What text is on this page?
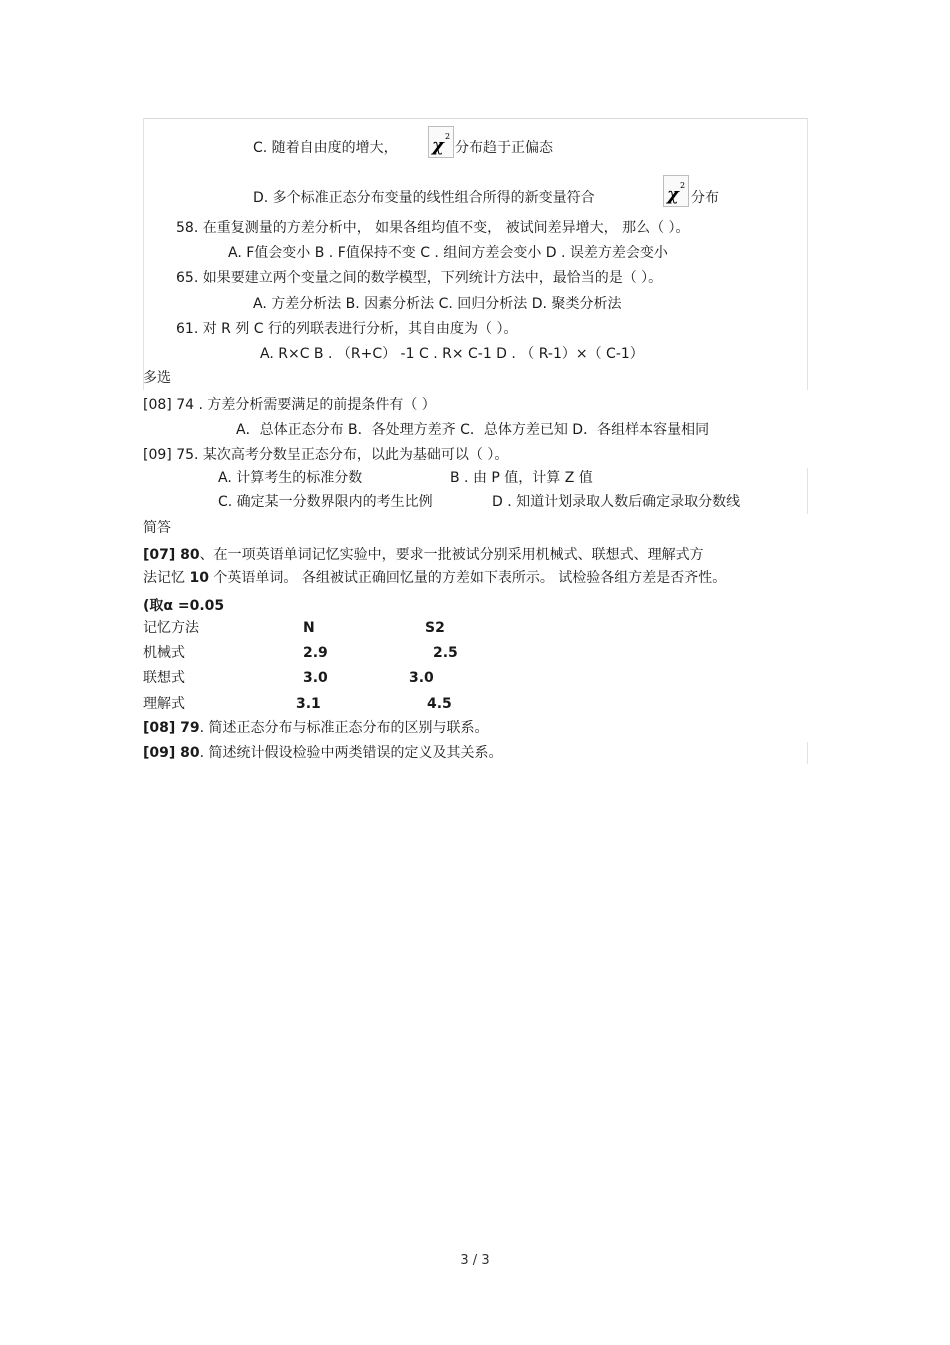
C. 随着自由度的增大， χ 2
分布趋于正偏态
D. 多个标准正态分布变量的线性组合所得的新变量符合	χ 2
分布
58. 在重复测量的方差分析中， 如果各组均值不变， 被试间差异增大， 那么（ ）。
A. F值会变小 B . F值保持不变 C . 组间方差会变小 D . 误差方差会变小
65. 如果要建立两个变量之间的数学模型，下列统计方法中，最恰当的是（ ）。
A. 方差分析法 B. 因素分析法 C. 回归分析法 D. 聚类分析法
61. 对 R 列 C 行的列联表进行分析，其自由度为（ ）。
A. R×C B . （R+C） -1 C . R× C-1 D . （ R-1）×（ C-1）
多选
[08] 74 . 方差分析需要满足的前提条件有（ ）
A．总体正态分布 B．各处理方差齐 C．总体方差已知 D．各组样本容量相同
[09] 75. 某次高考分数呈正态分布，以此为基础可以（ ）。
A. 计算考生的标准分数	B . 由 P 值，计算 Z 值
C. 确定某一分数界限内的考生比例	D . 知道计划录取人数后确定录取分数线
简答
[07] 80、在一项英语单词记忆实验中，要求一批被试分别采用机械式、联想式、理解式方
法记忆 10 个英语单词。 各组被试正确回忆量的方差如下表所示。 试检验各组方差是否齐性。
(取α =0.05
记忆方法	N	S2
机械式	2.9	2.5
联想式	3.0	3.0
理解式	3.1	4.5
[08] 79. 简述正态分布与标准正态分布的区别与联系。
[09] 80. 简述统计假设检验中两类错误的定义及其关系。
3 / 3
